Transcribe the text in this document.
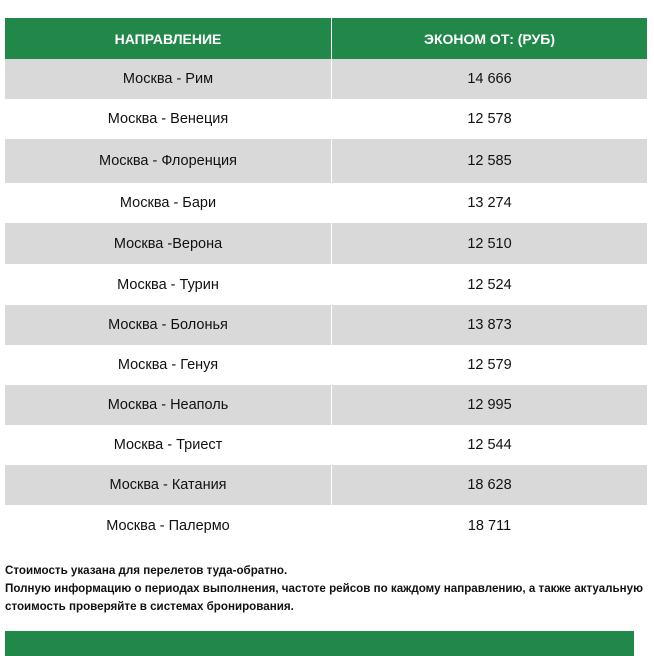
НАПРАВЛЕНИЕ	ЭКОНОМ ОТ: (РУБ)
Москва - Рим	14 666
Москва - Венеция	12 578
Москва - Флоренция	12 585
Москва - Бари	13 274
Москва -Верона	12 510
Москва - Турин	12 524
Москва - Болонья	13 873
Москва - Генуя	12 579
Москва - Неаполь	12 995
Москва - Триест	12 544
Москва - Катания	18 628
Москва - Палермо	18 711
Стоимость указана для перелетов туда-обратно.
Полную информацию о периодах выполнения, частоте рейсов по каждому направлению, а также актуальную стоимость проверяйте в системах бронирования.
